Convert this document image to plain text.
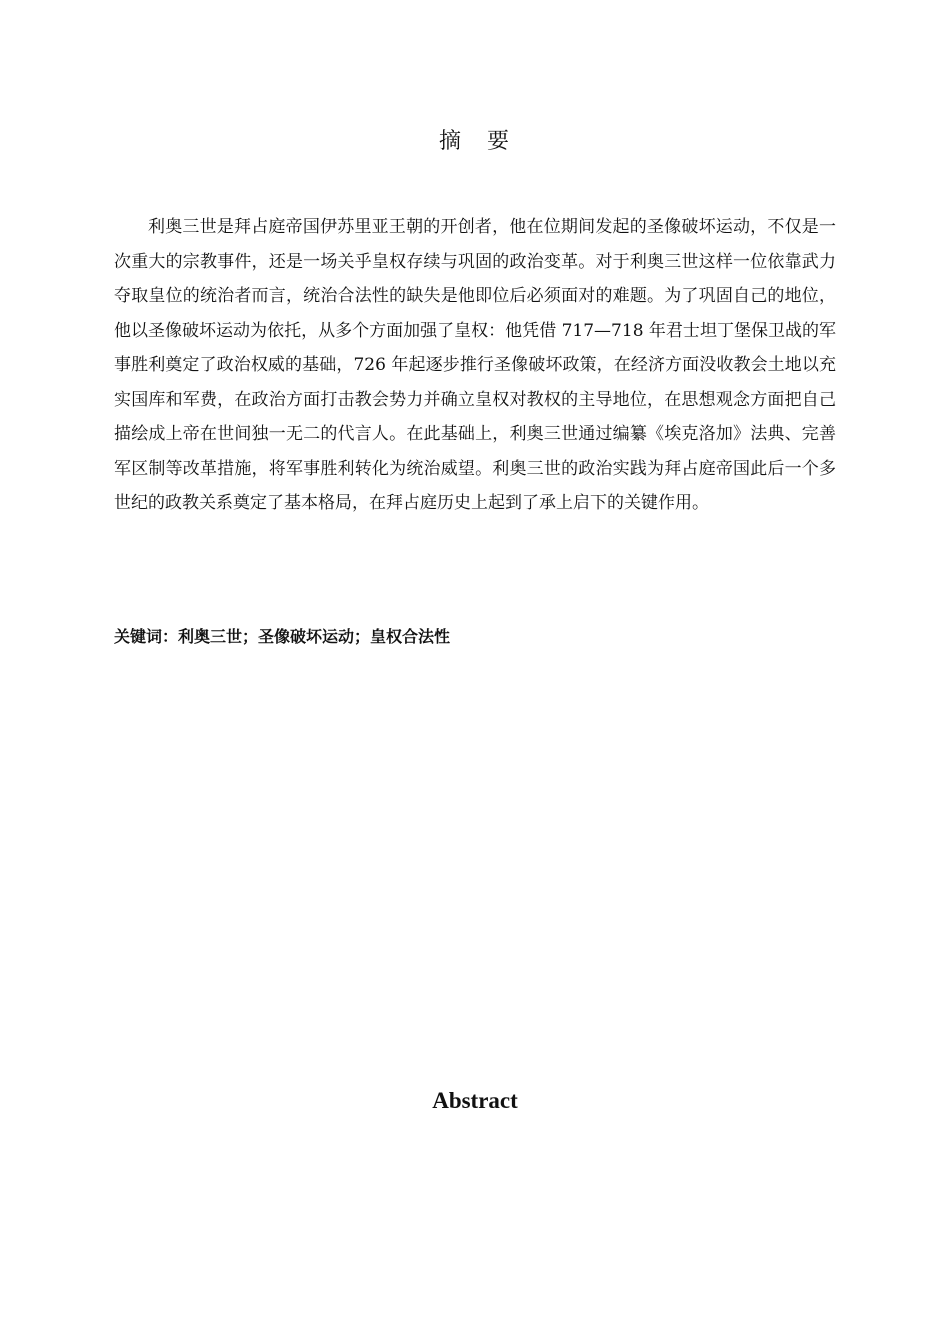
摘　要

利奥三世是拜占庭帝国伊苏里亚王朝的开创者，他在位期间发起的圣像破坏运动，不仅是一次重大的宗教事件，还是一场关乎皇权存续与巩固的政治变革。对于利奥三世这样一位依靠武力夺取皇位的统治者而言，统治合法性的缺失是他即位后必须面对的难题。为了巩固自己的地位，他以圣像破坏运动为依托，从多个方面加强了皇权：他凭借 717—718 年君士坦丁堡保卫战的军事胜利奠定了政治权威的基础，726 年起逐步推行圣像破坏政策，在经济方面没收教会土地以充实国库和军费，在政治方面打击教会势力并确立皇权对教权的主导地位，在思想观念方面把自己描绘成上帝在世间独一无二的代言人。在此基础上，利奥三世通过编纂《埃克洛加》法典、完善军区制等改革措施，将军事胜利转化为统治威望。利奥三世的政治实践为拜占庭帝国此后一个多世纪的政教关系奠定了基本格局，在拜占庭历史上起到了承上启下的关键作用。

关键词：利奥三世；圣像破坏运动；皇权合法性

Abstract
